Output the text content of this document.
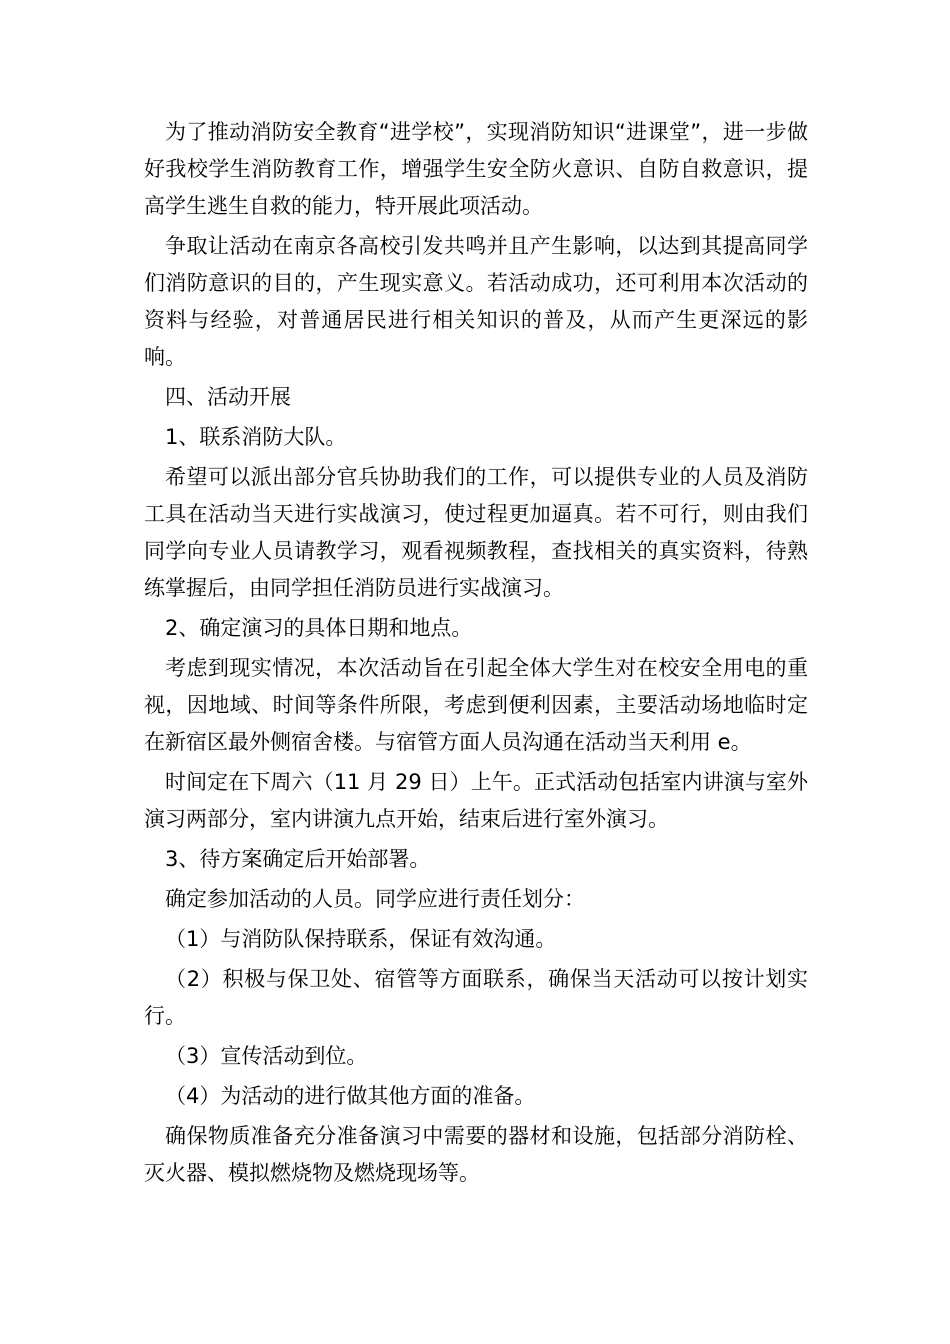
为了推动消防安全教育“进学校”，实现消防知识“进课堂”，进一步做好我校学生消防教育工作，增强学生安全防火意识、自防自救意识，提高学生逃生自救的能力，特开展此项活动。

争取让活动在南京各高校引发共鸣并且产生影响，以达到其提高同学们消防意识的目的，产生现实意义。若活动成功，还可利用本次活动的资料与经验，对普通居民进行相关知识的普及，从而产生更深远的影响。

四、活动开展

1、联系消防大队。

希望可以派出部分官兵协助我们的工作，可以提供专业的人员及消防工具在活动当天进行实战演习，使过程更加逼真。若不可行，则由我们同学向专业人员请教学习，观看视频教程，查找相关的真实资料，待熟练掌握后，由同学担任消防员进行实战演习。

2、确定演习的具体日期和地点。

考虑到现实情况，本次活动旨在引起全体大学生对在校安全用电的重视，因地域、时间等条件所限，考虑到便利因素，主要活动场地临时定在新宿区最外侧宿舍楼。与宿管方面人员沟通在活动当天利用 e。

时间定在下周六（11 月 29 日）上午。正式活动包括室内讲演与室外演习两部分，室内讲演九点开始，结束后进行室外演习。

3、待方案确定后开始部署。

确定参加活动的人员。同学应进行责任划分：

（1）与消防队保持联系，保证有效沟通。

（2）积极与保卫处、宿管等方面联系，确保当天活动可以按计划实行。

（3）宣传活动到位。

（4）为活动的进行做其他方面的准备。

确保物质准备充分准备演习中需要的器材和设施，包括部分消防栓、灭火器、模拟燃烧物及燃烧现场等。
